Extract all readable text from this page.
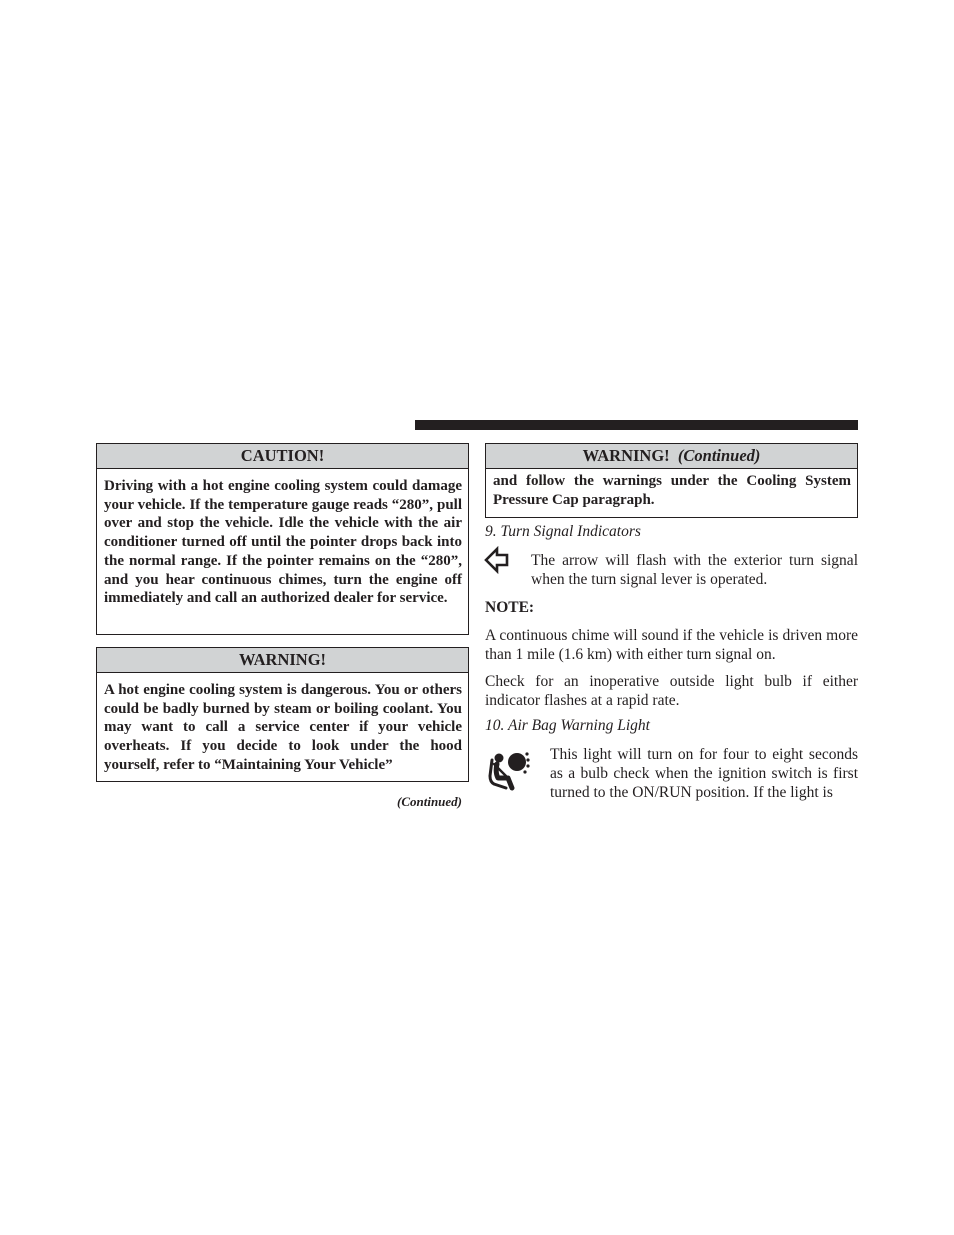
CAUTION!
Driving with a hot engine cooling system could damage your vehicle. If the temperature gauge reads “280”, pull over and stop the vehicle. Idle the vehicle with the air conditioner turned off until the pointer drops back into the normal range. If the pointer remains on the “280”, and you hear continuous chimes, turn the engine off immediately and call an authorized dealer for service.
WARNING!
A hot engine cooling system is dangerous. You or others could be badly burned by steam or boiling coolant. You may want to call a service center if your vehicle overheats. If you decide to look under the hood yourself, refer to “Maintaining Your Vehicle”
(Continued)
WARNING! (Continued)
and follow the warnings under the Cooling System Pressure Cap paragraph.
9. Turn Signal Indicators
The arrow will flash with the exterior turn signal when the turn signal lever is operated.
NOTE:
A continuous chime will sound if the vehicle is driven more than 1 mile (1.6 km) with either turn signal on.
Check for an inoperative outside light bulb if either indicator flashes at a rapid rate.
10. Air Bag Warning Light
This light will turn on for four to eight seconds as a bulb check when the ignition switch is first turned to the ON/RUN position. If the light is
